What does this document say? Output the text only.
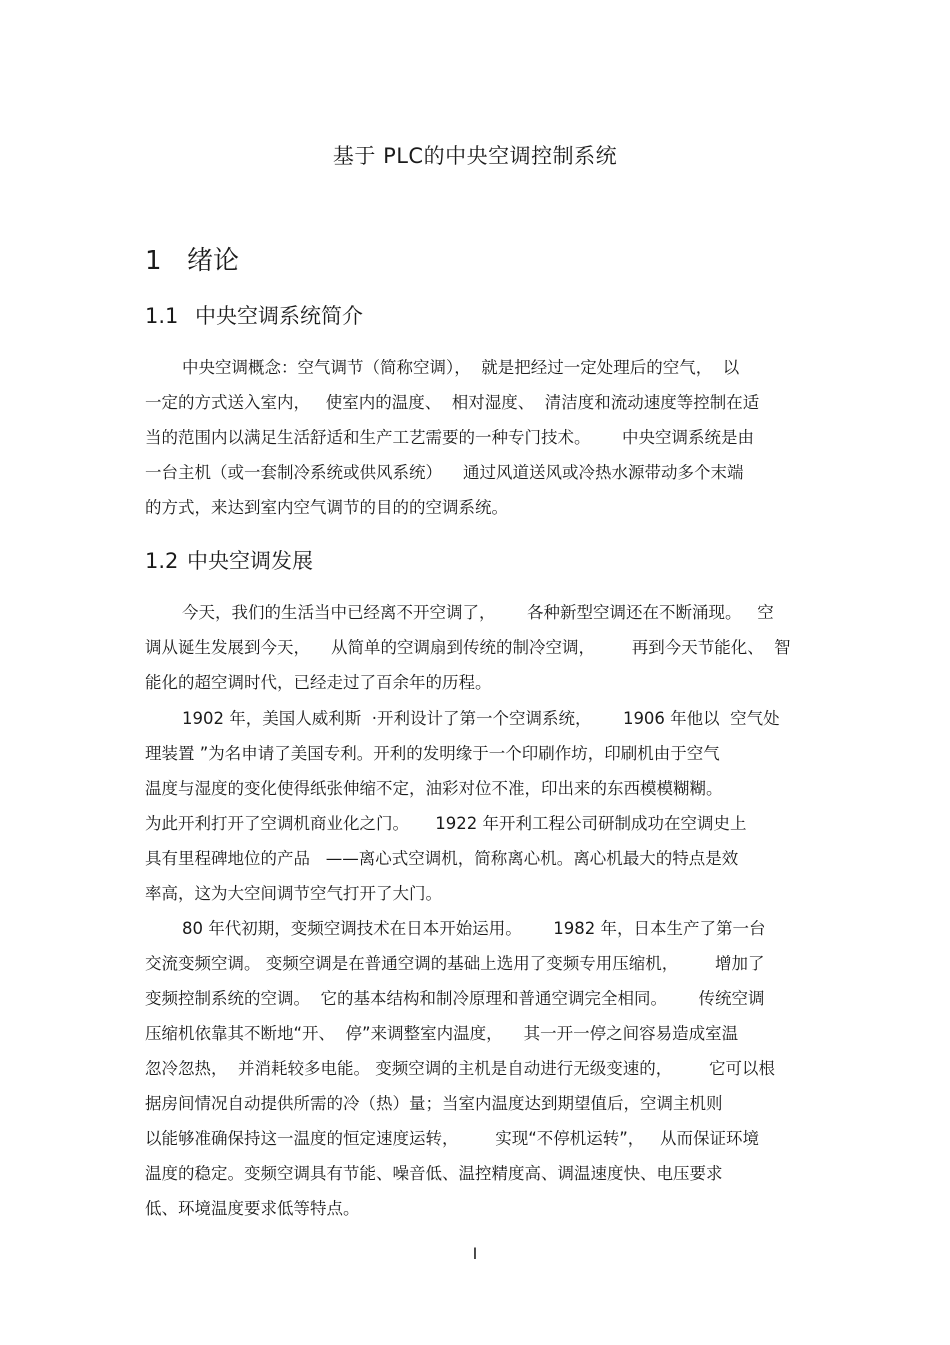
基于 PLC的中央空调控制系统
1 绪论
1.1 中央空调系统简介
中央空调概念：空气调节（简称空调），  就是把经过一定处理后的空气，  以
一定的方式送入室内，   使室内的温度、  相对湿度、  清洁度和流动速度等控制在适
当的范围内以满足生活舒适和生产工艺需要的一种专门技术。      中央空调系统是由
一台主机（或一套制冷系统或供风系统）    通过风道送风或冷热水源带动多个末端
的方式，来达到室内空气调节的目的的空调系统。
1.2 中央空调发展
今天，我们的生活当中已经离不开空调了，      各种新型空调还在不断涌现。   空
调从诞生发展到今天，    从简单的空调扇到传统的制冷空调，       再到今天节能化、  智
能化的超空调时代，已经走过了百余年的历程。
1902 年，美国人威利斯  ·开利设计了第一个空调系统，      1906 年他以  空气处
理装置 ”为名申请了美国专利。开利的发明缘于一个印刷作坊，印刷机由于空气
温度与湿度的变化使得纸张伸缩不定，油彩对位不准，印出来的东西模模糊糊。
为此开利打开了空调机商业化之门。     1922 年开利工程公司研制成功在空调史上
具有里程碑地位的产品   ——离心式空调机，简称离心机。离心机最大的特点是效
率高，这为大空间调节空气打开了大门。
80 年代初期，变频空调技术在日本开始运用。      1982 年，日本生产了第一台
交流变频空调。 变频空调是在普通空调的基础上选用了变频专用压缩机，       增加了
变频控制系统的空调。  它的基本结构和制冷原理和普通空调完全相同。      传统空调
压缩机依靠其不断地“开、  停”来调整室内温度，    其一开一停之间容易造成室温
忽冷忽热，  并消耗较多电能。 变频空调的主机是自动进行无级变速的，       它可以根
据房间情况自动提供所需的冷（热）量；当室内温度达到期望值后，空调主机则
以能够准确保持这一温度的恒定速度运转，       实现“不停机运转”，   从而保证环境
温度的稳定。变频空调具有节能、噪音低、温控精度高、调温速度快、电压要求
低、环境温度要求低等特点。
I
